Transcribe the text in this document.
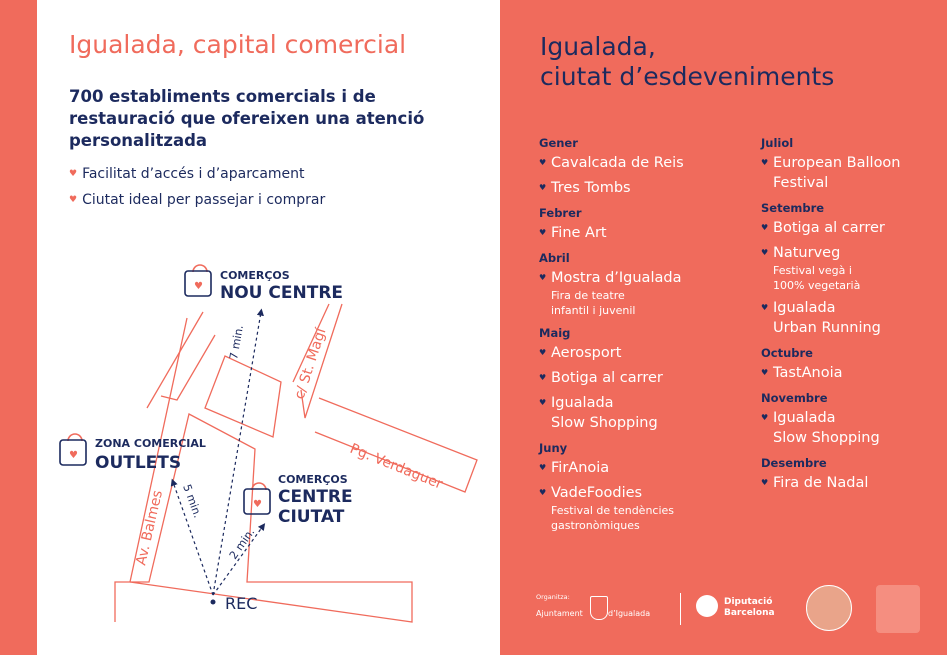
Igualada, capital comercial

700 establiments comercials i de restauració que ofereixen una atenció personalitzada

♥ Facilitat d’accés i d’aparcament
♥ Ciutat ideal per passejar i comprar
c/ St. Magí
Pg. Verdaguer
Av. Balmes
7 min.
5 min.
2 min.
♥
COMERÇOS
NOU CENTRE
♥
ZONA COMERCIAL
OUTLETS
♥
COMERÇOS
CENTRE
CIUTAT
REC
Igualada,
ciutat d’esdeveniments
Gener
♥ Cavalcada de Reis
♥ Tres Tombs
Febrer
♥ Fine Art
Abril
♥ Mostra d’Igualada
Fira de teatre
infantil i juvenil
Maig
♥ Aerosport
♥ Botiga al carrer
♥ Igualada
Slow Shopping
Juny
♥ FirAnoia
♥ VadeFoodies
Festival de tendències
gastronòmiques
Juliol
♥ European Balloon
Festival
Setembre
♥ Botiga al carrer
♥ Naturveg
Festival vegà i
100% vegetarià
♥ Igualada
Urban Running
Octubre
♥ TastAnoia
Novembre
♥ Igualada
Slow Shopping
Desembre
♥ Fira de Nadal
Organitza:
Ajuntament	d’Igualada
Diputació
Barcelona
